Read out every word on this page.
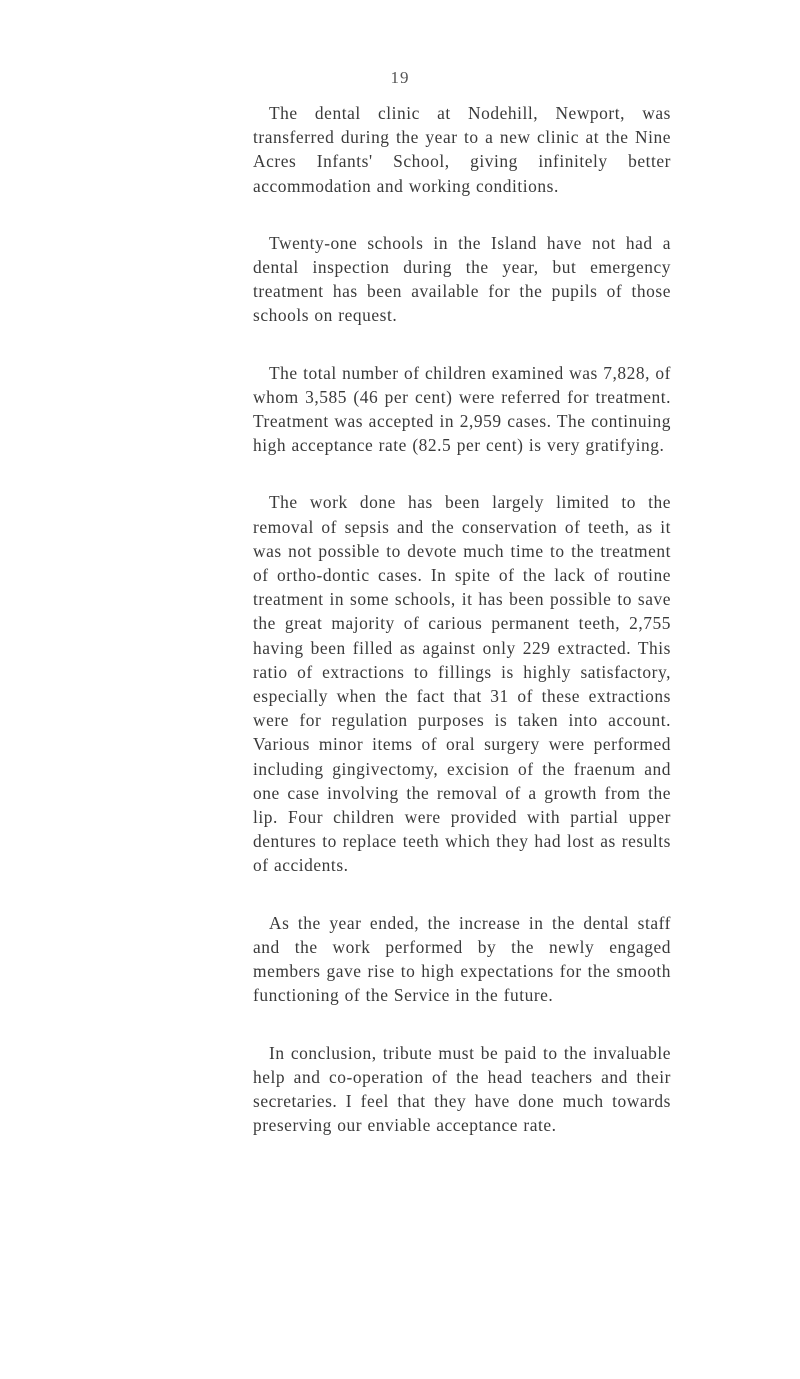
19

The dental clinic at Nodehill, Newport, was transferred during the year to a new clinic at the Nine Acres Infants' School, giving infinitely better accommodation and working conditions.

Twenty-one schools in the Island have not had a dental inspection during the year, but emergency treatment has been available for the pupils of those schools on request.

The total number of children examined was 7,828, of whom 3,585 (46 per cent) were referred for treatment. Treatment was accepted in 2,959 cases. The continuing high acceptance rate (82.5 per cent) is very gratifying.

The work done has been largely limited to the removal of sepsis and the conservation of teeth, as it was not possible to devote much time to the treatment of ortho-dontic cases. In spite of the lack of routine treatment in some schools, it has been possible to save the great majority of carious permanent teeth, 2,755 having been filled as against only 229 extracted. This ratio of extractions to fillings is highly satisfactory, especially when the fact that 31 of these extractions were for regulation purposes is taken into account. Various minor items of oral surgery were performed including gingivectomy, excision of the fraenum and one case involving the removal of a growth from the lip. Four children were provided with partial upper dentures to replace teeth which they had lost as results of accidents.

As the year ended, the increase in the dental staff and the work performed by the newly engaged members gave rise to high expectations for the smooth functioning of the Service in the future.

In conclusion, tribute must be paid to the invaluable help and co-operation of the head teachers and their secretaries. I feel that they have done much towards preserving our enviable acceptance rate.
